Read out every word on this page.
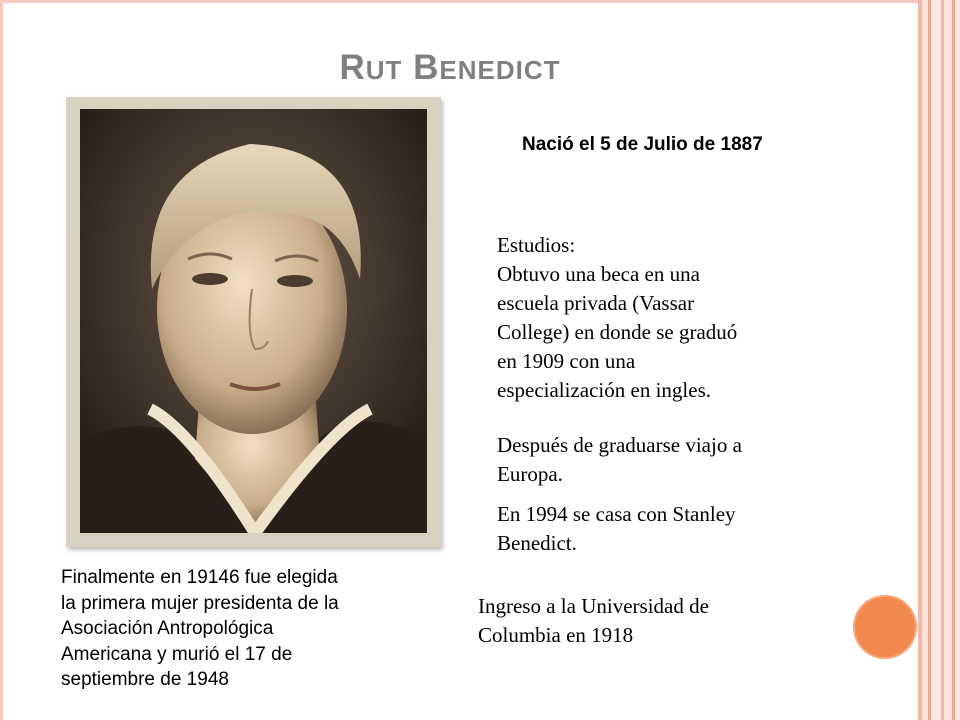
RUT BENEDICT
Nació el 5 de Julio de 1887
Estudios:
Obtuvo una beca en una
escuela privada (Vassar
College) en donde se graduó
en 1909 con una
especialización en ingles.
Después de graduarse viajo a
Europa.
En 1994 se casa con Stanley
Benedict.
Ingreso a la Universidad de
Columbia en 1918
Finalmente en 19146 fue elegida
la primera mujer presidenta de la
Asociación Antropológica
Americana y murió el 17 de
septiembre de 1948
